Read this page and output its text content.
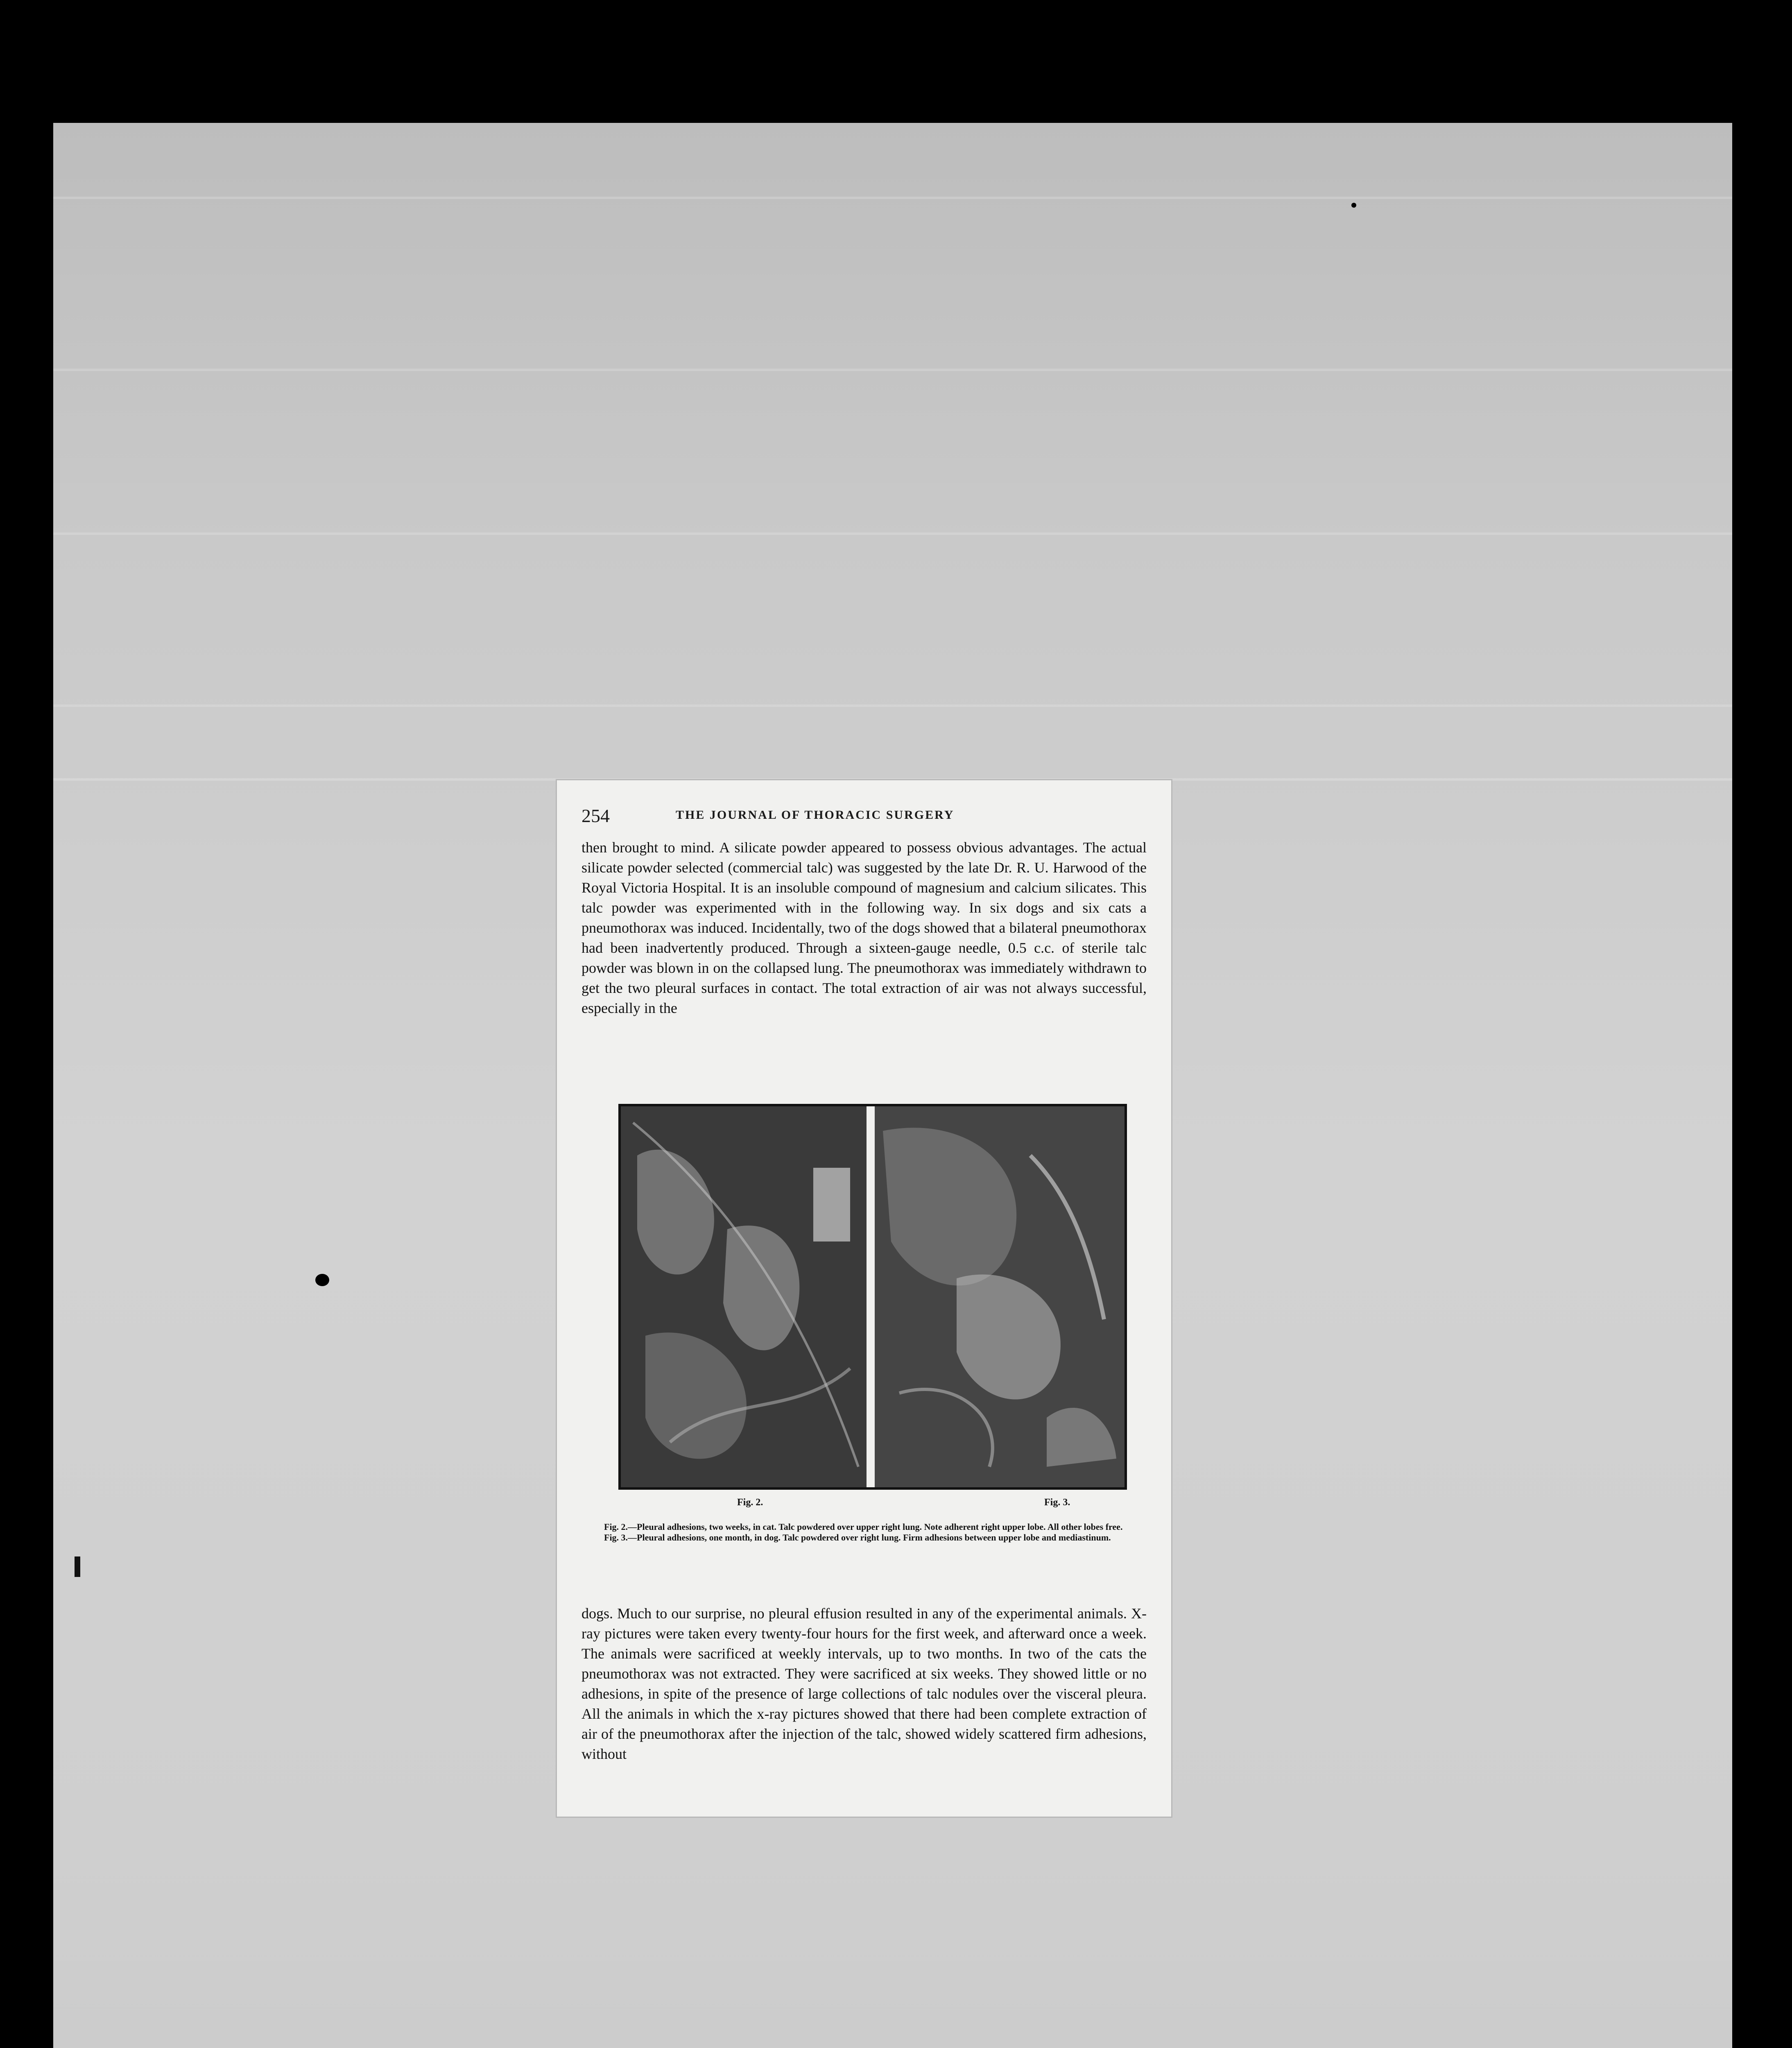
254	THE JOURNAL OF THORACIC SURGERY

then brought to mind. A silicate powder appeared to possess obvious advantages. The actual silicate powder selected (commercial talc) was suggested by the late Dr. R. U. Harwood of the Royal Victoria Hospital. It is an insoluble compound of magnesium and calcium silicates. This talc powder was experimented with in the following way. In six dogs and six cats a pneumothorax was induced. Incidentally, two of the dogs showed that a bilateral pneumothorax had been inadvertently produced. Through a sixteen-gauge needle, 0.5 c.c. of sterile talc powder was blown in on the collapsed lung. The pneumothorax was immediately withdrawn to get the two pleural surfaces in contact. The total extraction of air was not always successful, especially in the

Fig. 2.	Fig. 3.

Fig. 2.—Pleural adhesions, two weeks, in cat. Talc powdered over upper right lung. Note adherent right upper lobe. All other lobes free.

Fig. 3.—Pleural adhesions, one month, in dog. Talc powdered over right lung. Firm adhesions between upper lobe and mediastinum.

dogs. Much to our surprise, no pleural effusion resulted in any of the experimental animals. X-ray pictures were taken every twenty-four hours for the first week, and afterward once a week. The animals were sacrificed at weekly intervals, up to two months. In two of the cats the pneumothorax was not extracted. They were sacrificed at six weeks. They showed little or no adhesions, in spite of the presence of large collections of talc nodules over the visceral pleura. All the animals in which the x-ray pictures showed that there had been complete extraction of air of the pneumothorax after the injection of the talc, showed widely scattered firm adhesions, without
